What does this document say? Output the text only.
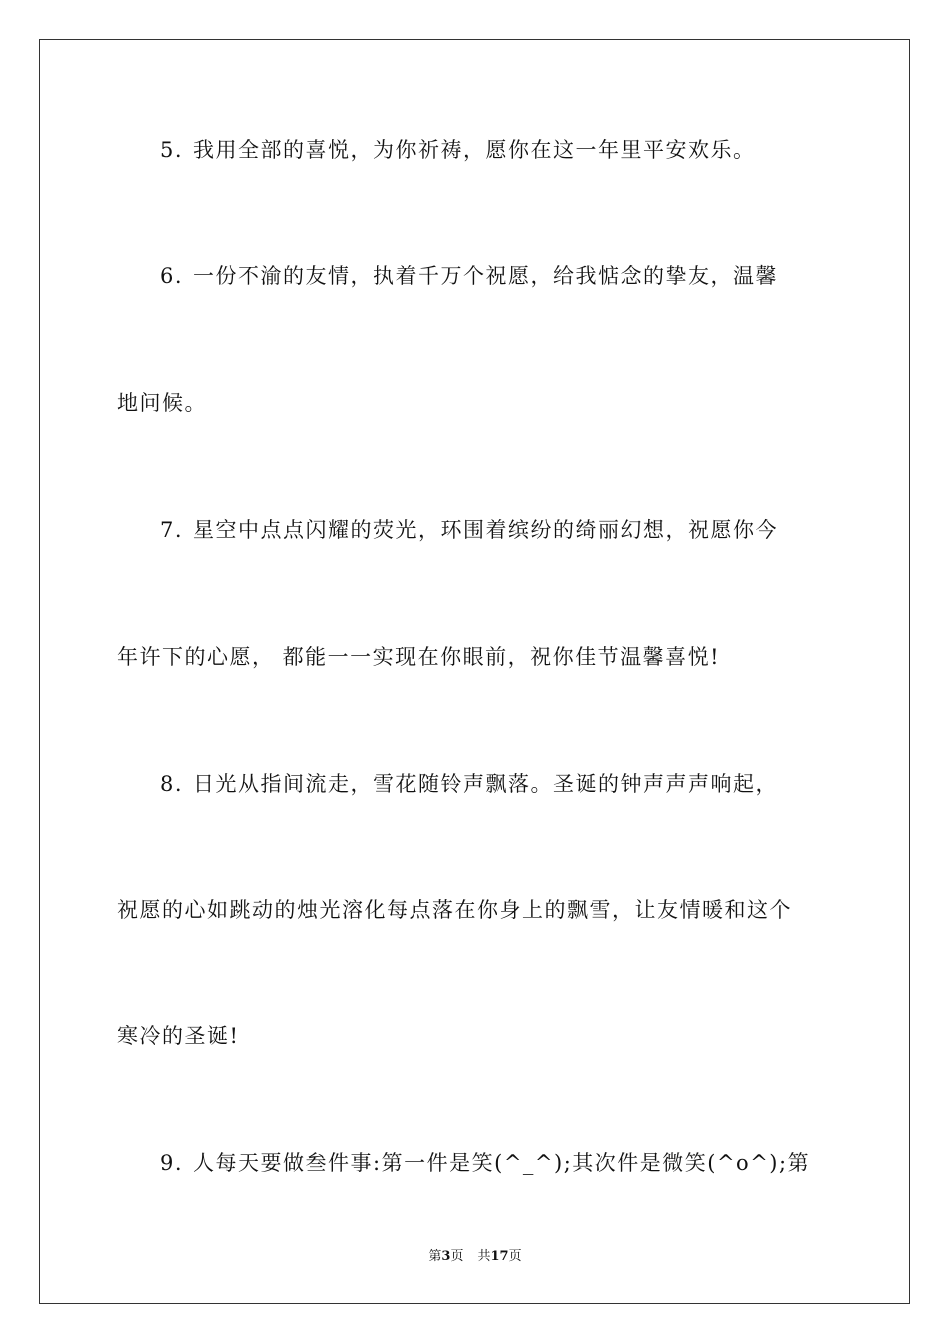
5. 我用全部的喜悦，为你祈祷，愿你在这一年里平安欢乐。
6. 一份不渝的友情，执着千万个祝愿，给我惦念的挚友，温馨
地问候。
7. 星空中点点闪耀的荧光，环围着缤纷的绮丽幻想，祝愿你今
年许下的心愿， 都能一一实现在你眼前，祝你佳节温馨喜悦!
8. 日光从指间流走，雪花随铃声飘落。圣诞的钟声声声响起，
祝愿的心如跳动的烛光溶化每点落在你身上的飘雪，让友情暖和这个
寒冷的圣诞!
9. 人每天要做叁件事:第一件是笑(^_^);其次件是微笑(^o^);第
第3页 共17页
